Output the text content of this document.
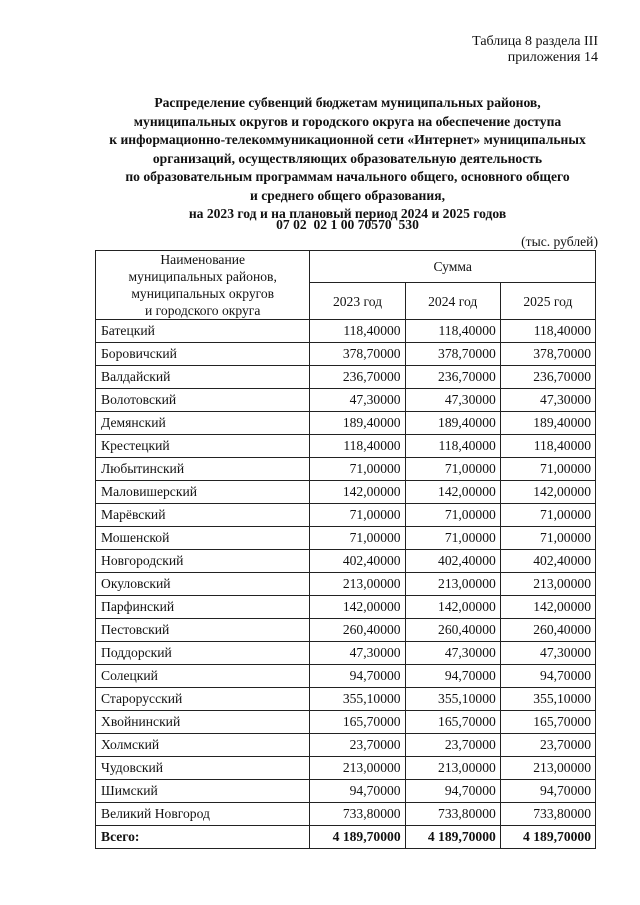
Таблица 8 раздела III
приложения 14
Распределение субвенций бюджетам муниципальных районов,
муниципальных округов и городского округа на обеспечение доступа
к информационно-телекоммуникационной сети «Интернет» муниципальных
организаций, осуществляющих образовательную деятельность
по образовательным программам начального общего, основного общего
и среднего общего образования,
на 2023 год и на плановый период 2024 и 2025 годов
07 02  02 1 00 70570  530
(тыс. рублей)
Наименование
муниципальных районов,
муниципальных округов
и городского округа	Сумма		
	2023 год	2024 год	2025 год
Батецкий	118,40000	118,40000	118,40000
Боровичский	378,70000	378,70000	378,70000
Валдайский	236,70000	236,70000	236,70000
Волотовский	47,30000	47,30000	47,30000
Демянский	189,40000	189,40000	189,40000
Крестецкий	118,40000	118,40000	118,40000
Любытинский	71,00000	71,00000	71,00000
Маловишерский	142,00000	142,00000	142,00000
Марёвский	71,00000	71,00000	71,00000
Мошенской	71,00000	71,00000	71,00000
Новгородский	402,40000	402,40000	402,40000
Окуловский	213,00000	213,00000	213,00000
Парфинский	142,00000	142,00000	142,00000
Пестовский	260,40000	260,40000	260,40000
Поддорский	47,30000	47,30000	47,30000
Солецкий	94,70000	94,70000	94,70000
Старорусский	355,10000	355,10000	355,10000
Хвойнинский	165,70000	165,70000	165,70000
Холмский	23,70000	23,70000	23,70000
Чудовский	213,00000	213,00000	213,00000
Шимский	94,70000	94,70000	94,70000
Великий Новгород	733,80000	733,80000	733,80000
Всего:	4 189,70000	4 189,70000	4 189,70000
